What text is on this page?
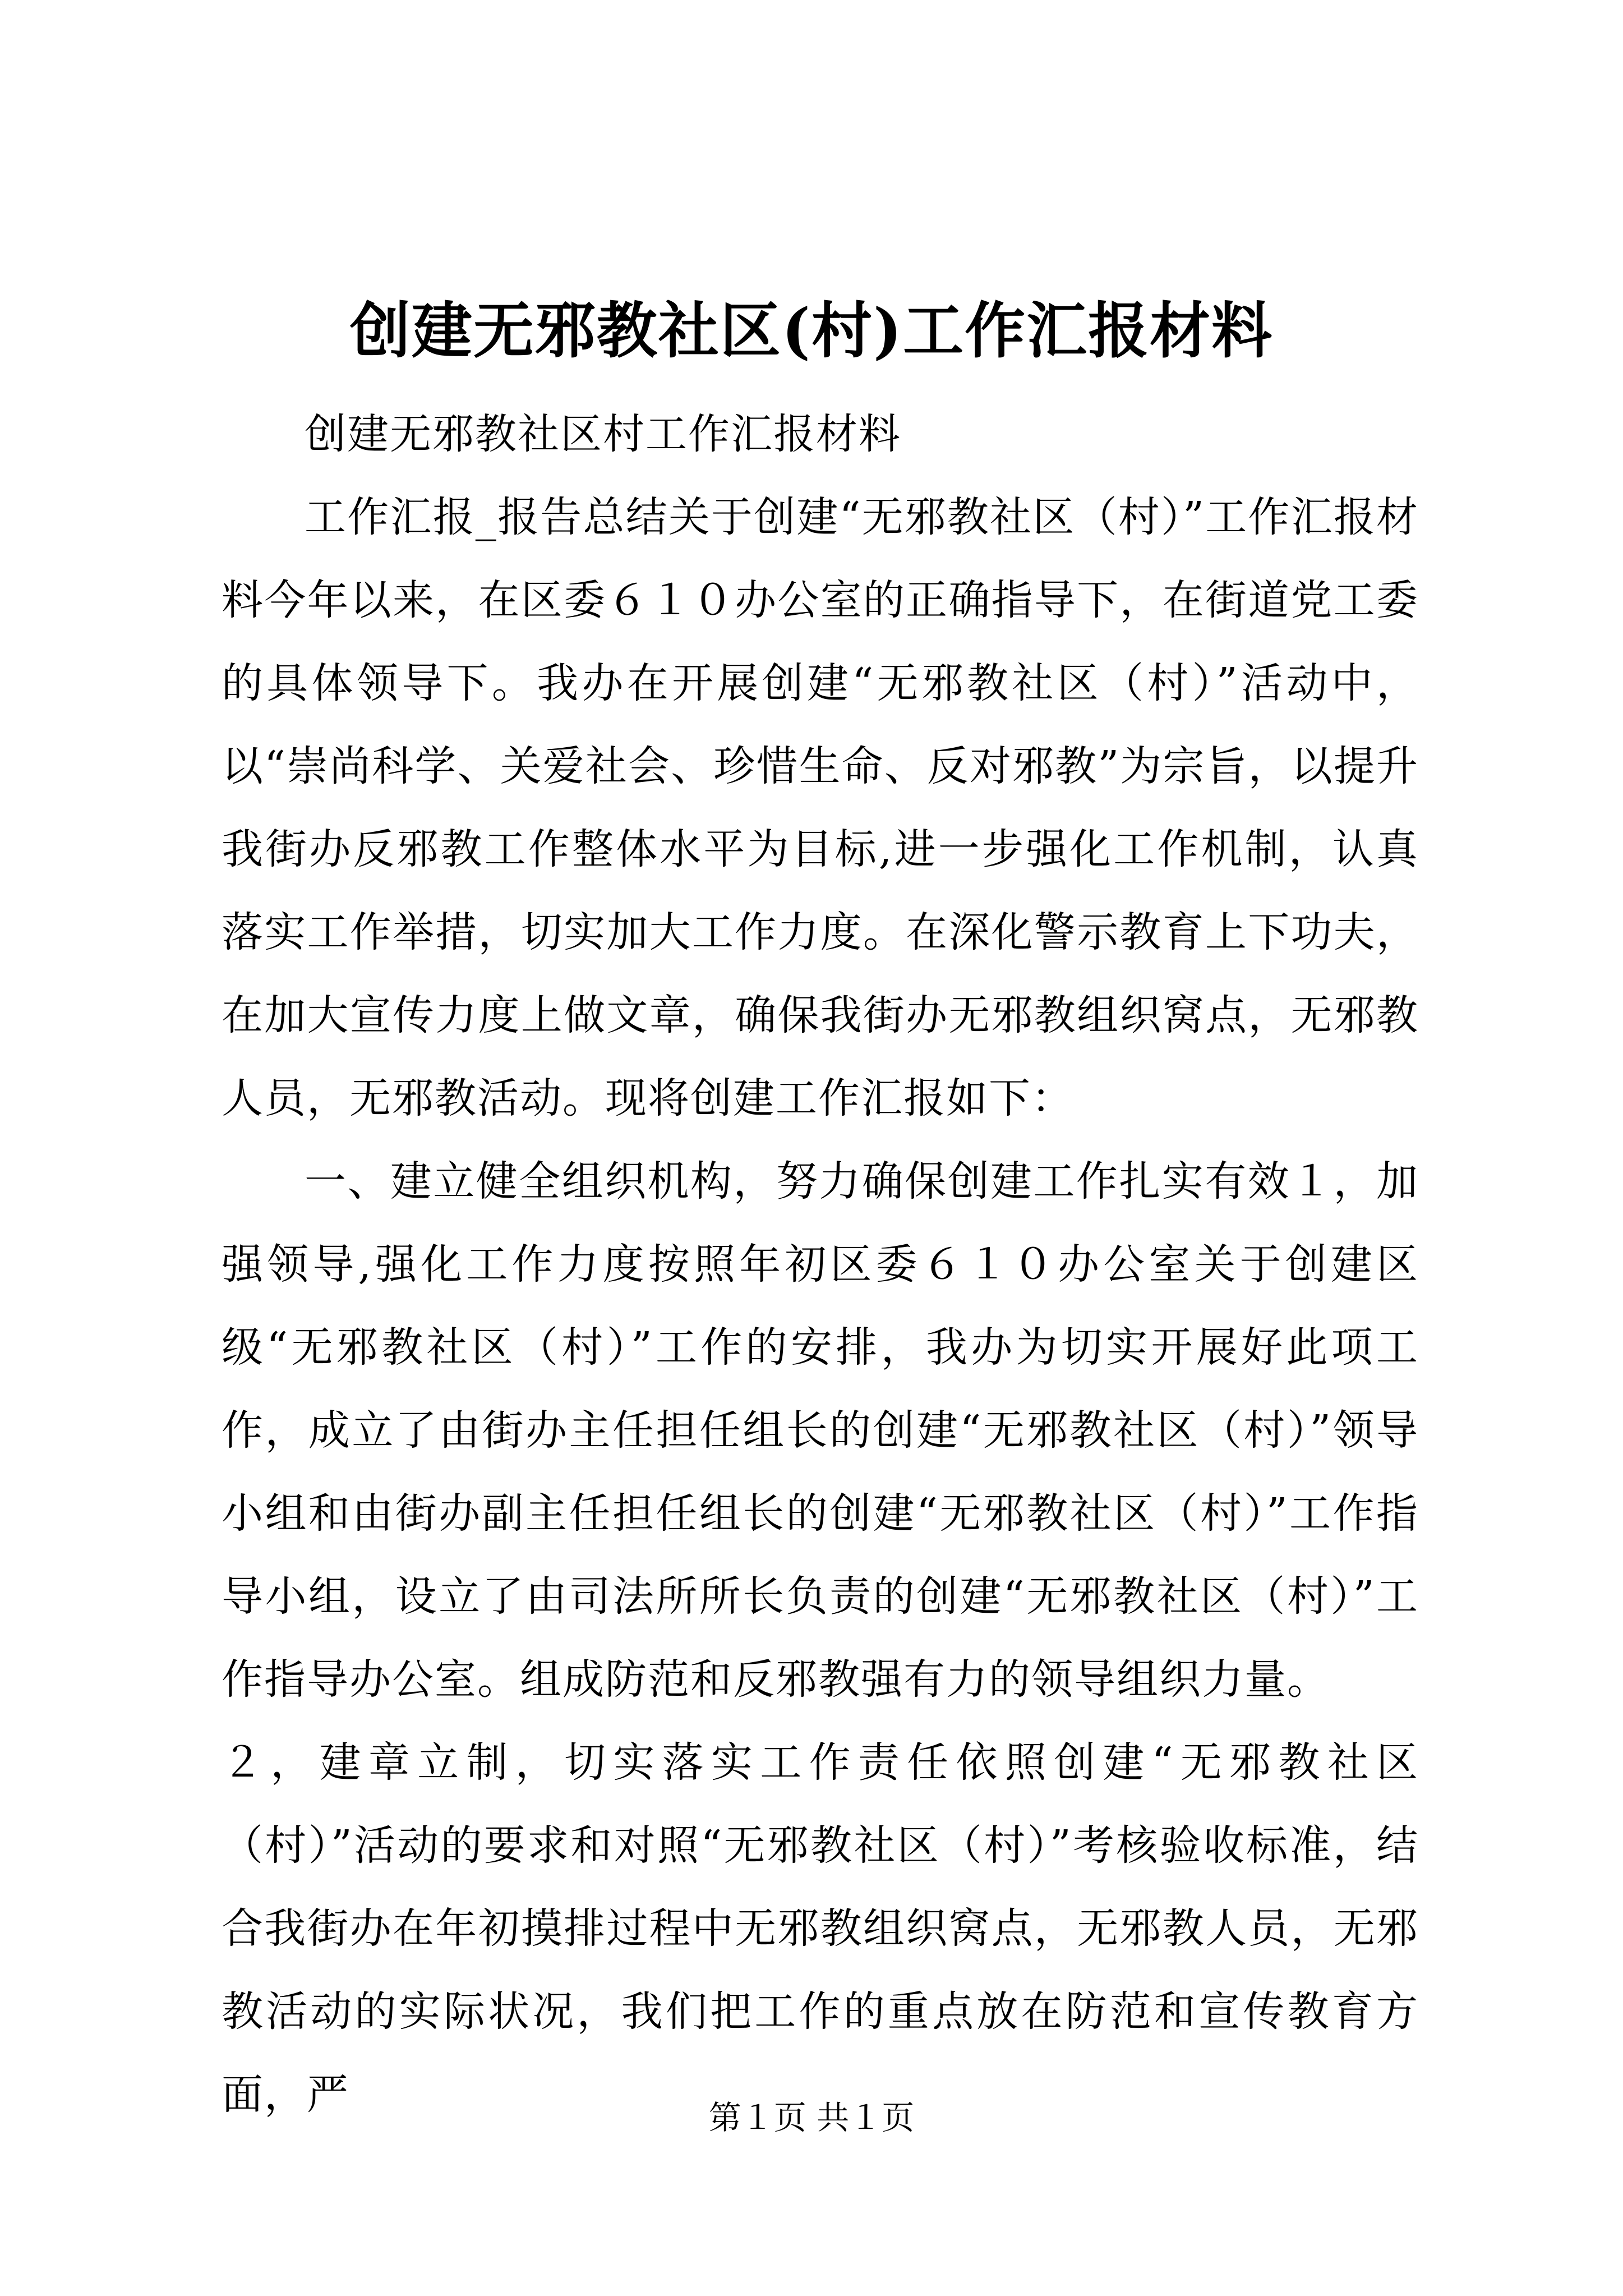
创建无邪教社区(村)工作汇报材料

创建无邪教社区村工作汇报材料

工作汇报_报告总结关于创建“无邪教社区（村）”工作汇报材料今年以来，在区委６１０办公室的正确指导下，在街道党工委的具体领导下。我办在开展创建“无邪教社区（村）”活动中，以“崇尚科学、关爱社会、珍惜生命、反对邪教”为宗旨，以提升我街办反邪教工作整体水平为目标,进一步强化工作机制，认真落实工作举措，切实加大工作力度。在深化警示教育上下功夫，在加大宣传力度上做文章，确保我街办无邪教组织窝点，无邪教人员，无邪教活动。现将创建工作汇报如下：

一、建立健全组织机构，努力确保创建工作扎实有效１，加强领导,强化工作力度按照年初区委６１０办公室关于创建区级“无邪教社区（村）”工作的安排，我办为切实开展好此项工作，成立了由街办主任担任组长的创建“无邪教社区（村）”领导小组和由街办副主任担任组长的创建“无邪教社区（村）”工作指导小组，设立了由司法所所长负责的创建“无邪教社区（村）”工作指导办公室。组成防范和反邪教强有力的领导组织力量。

２，建章立制，切实落实工作责任依照创建“无邪教社区（村）”活动的要求和对照“无邪教社区（村）”考核验收标准，结合我街办在年初摸排过程中无邪教组织窝点，无邪教人员，无邪教活动的实际状况，我们把工作的重点放在防范和宣传教育方面，严	第１页 共１页
